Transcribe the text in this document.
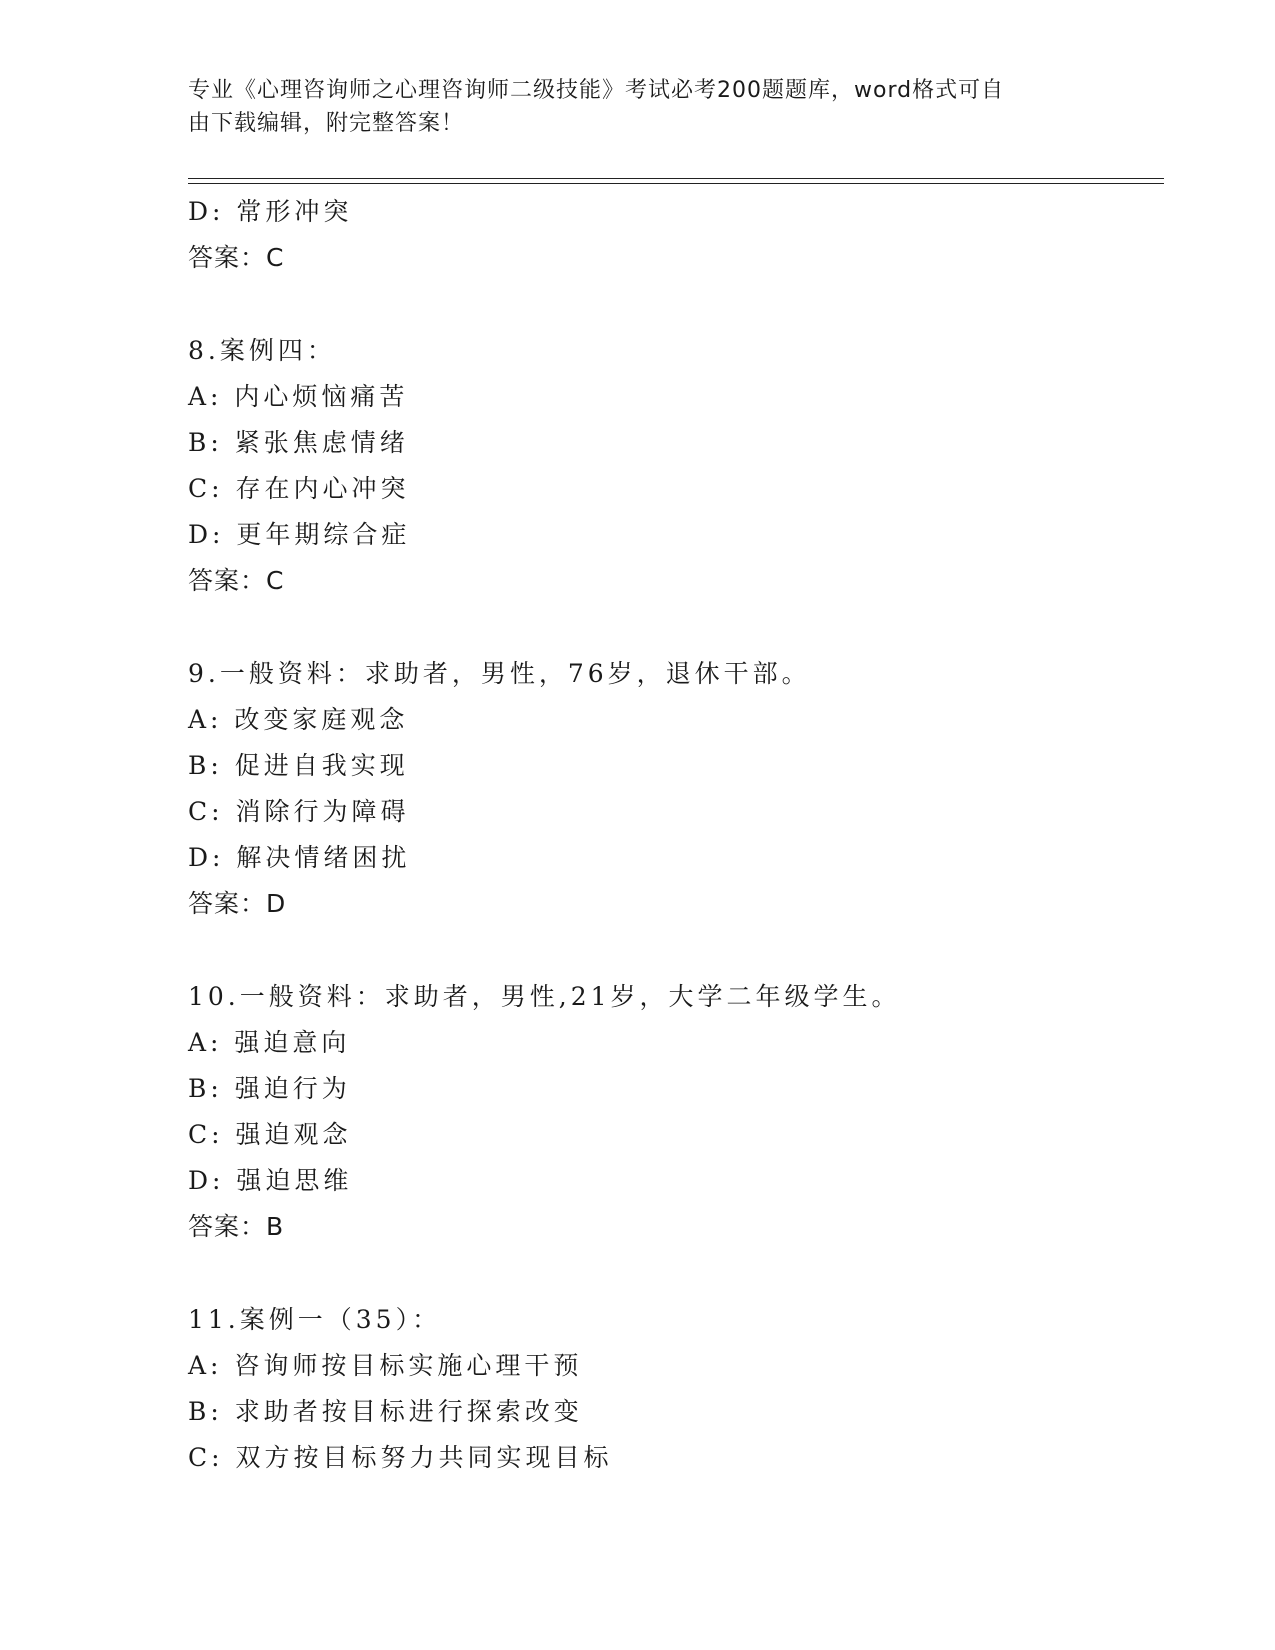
专业《心理咨询师之心理咨询师二级技能》考试必考200题题库，word格式可自
由下载编辑，附完整答案！
D: 常形冲突
答案：C
8.案例四：
A: 内心烦恼痛苦
B: 紧张焦虑情绪
C: 存在内心冲突
D: 更年期综合症
答案：C
9.一般资料：求助者，男性，76岁，退休干部。
A: 改变家庭观念
B: 促进自我实现
C: 消除行为障碍
D: 解决情绪困扰
答案：D
10.一般资料：求助者，男性,21岁，大学二年级学生。
A: 强迫意向
B: 强迫行为
C: 强迫观念
D: 强迫思维
答案：B
11.案例一（35）：
A: 咨询师按目标实施心理干预
B: 求助者按目标进行探索改变
C: 双方按目标努力共同实现目标
